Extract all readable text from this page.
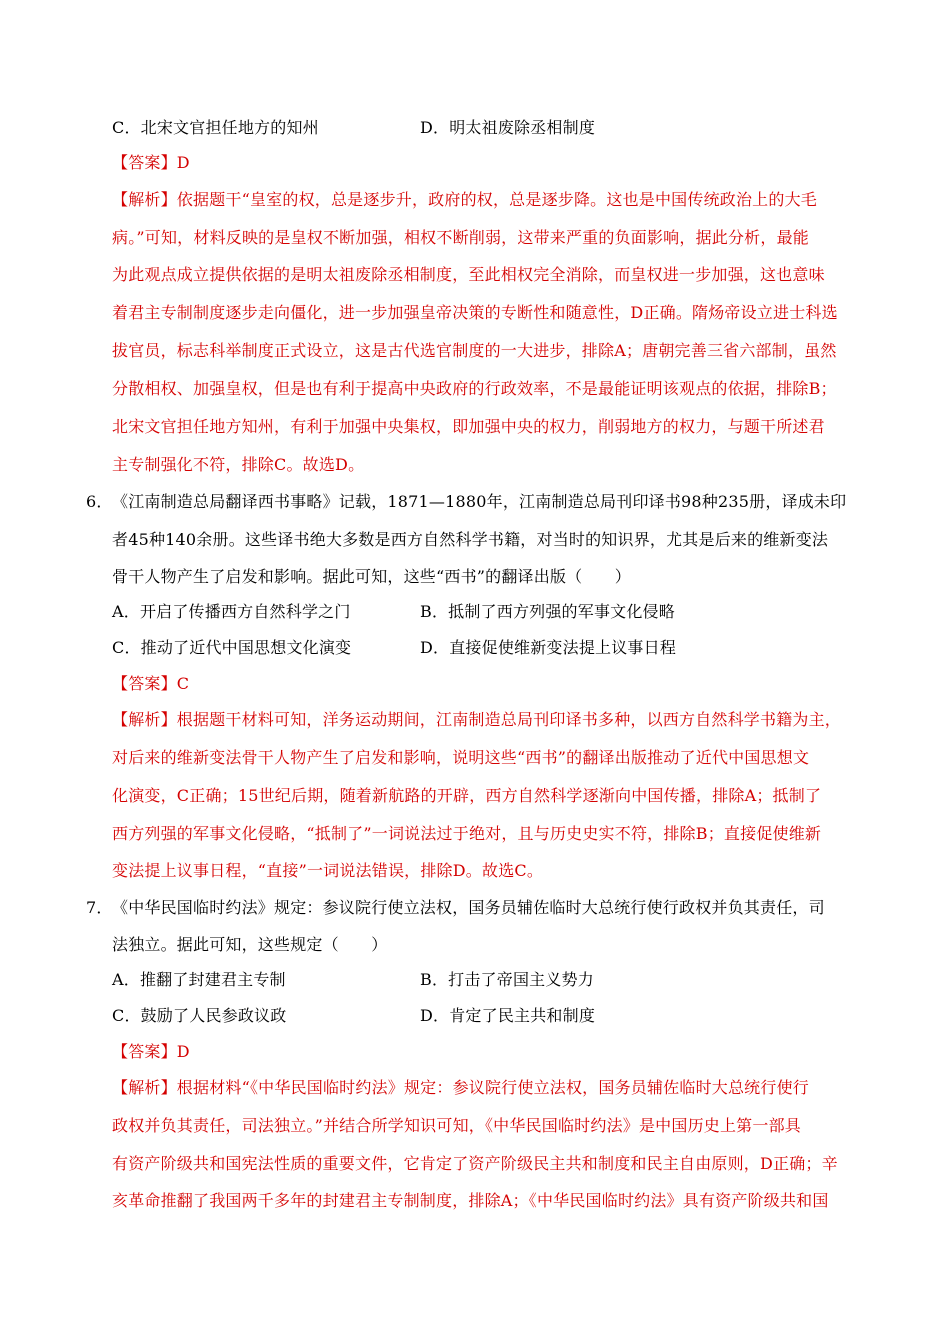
C．北宋文官担任地方的知州	D．明太祖废除丞相制度
【答案】D
【解析】依据题干“皇室的权，总是逐步升，政府的权，总是逐步降。这也是中国传统政治上的大毛
病。”可知，材料反映的是皇权不断加强，相权不断削弱，这带来严重的负面影响，据此分析，最能
为此观点成立提供依据的是明太祖废除丞相制度，至此相权完全消除，而皇权进一步加强，这也意味
着君主专制制度逐步走向僵化，进一步加强皇帝决策的专断性和随意性，D正确。隋炀帝设立进士科选
拔官员，标志科举制度正式设立，这是古代选官制度的一大进步，排除A；唐朝完善三省六部制，虽然
分散相权、加强皇权，但是也有利于提高中央政府的行政效率，不是最能证明该观点的依据，排除B；
北宋文官担任地方知州，有利于加强中央集权，即加强中央的权力，削弱地方的权力，与题干所述君
主专制强化不符，排除C。故选D。
6． 《江南制造总局翻译西书事略》记载，1871—1880年，江南制造总局刊印译书98种235册，译成未印
者45种140余册。这些译书绝大多数是西方自然科学书籍，对当时的知识界，尤其是后来的维新变法
骨干人物产生了启发和影响。据此可知，这些“西书”的翻译出版（　　）
A．开启了传播西方自然科学之门	B．抵制了西方列强的军事文化侵略
C．推动了近代中国思想文化演变	D．直接促使维新变法提上议事日程
【答案】C
【解析】根据题干材料可知，洋务运动期间，江南制造总局刊印译书多种，以西方自然科学书籍为主，
对后来的维新变法骨干人物产生了启发和影响，说明这些“西书”的翻译出版推动了近代中国思想文
化演变，C正确；15世纪后期，随着新航路的开辟，西方自然科学逐渐向中国传播，排除A；抵制了
西方列强的军事文化侵略，“抵制了”一词说法过于绝对，且与历史史实不符，排除B；直接促使维新
变法提上议事日程，“直接”一词说法错误，排除D。故选C。
7． 《中华民国临时约法》规定：参议院行使立法权，国务员辅佐临时大总统行使行政权并负其责任，司
法独立。据此可知，这些规定（　　）
A．推翻了封建君主专制	B．打击了帝国主义势力
C．鼓励了人民参政议政	D．肯定了民主共和制度
【答案】D
【解析】根据材料“《中华民国临时约法》规定：参议院行使立法权，国务员辅佐临时大总统行使行
政权并负其责任，司法独立。”并结合所学知识可知，《中华民国临时约法》是中国历史上第一部具
有资产阶级共和国宪法性质的重要文件，它肯定了资产阶级民主共和制度和民主自由原则，D正确；辛
亥革命推翻了我国两千多年的封建君主专制制度，排除A；《中华民国临时约法》具有资产阶级共和国
